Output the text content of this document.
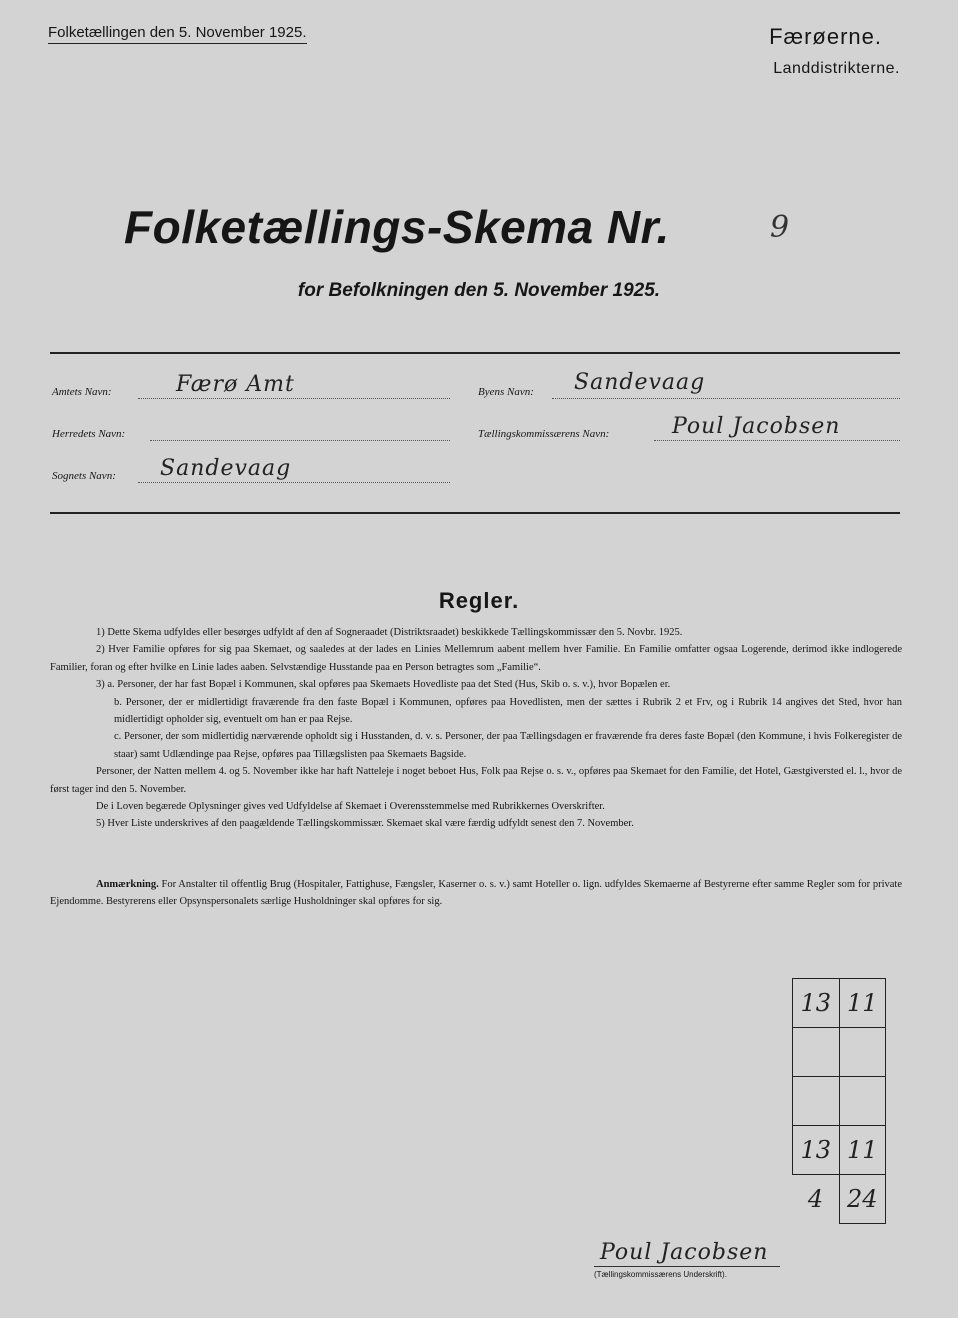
Folketællingen den 5. November 1925.	Færøerne.
Landdistrikterne.
Folketællings-Skema Nr.	9
for Befolkningen den 5. November 1925.
Amtets Navn:	Færø Amt
Herredets Navn:
Sognets Navn: Sandevaag
Byens Navn: Sandevaag
Tællingskommissærens Navn:	Poul Jacobsen
Regler.

1) Dette Skema udfyldes eller besørges udfyldt af den af Sogneraadet (Distriktsraadet) beskikkede Tællingskommissær den 5. Novbr. 1925.

2) Hver Familie opføres for sig paa Skemaet, og saaledes at der lades en Linies Mellemrum aabent mellem hver Familie. En Familie omfatter ogsaa Logerende, derimod ikke indlogerede Familier, foran og efter hvilke en Linie lades aaben. Selvstændige Husstande paa en Person betragtes som „Familie“.

3) a. Personer, der har fast Bopæl i Kommunen, skal opføres paa Skemaets Hovedliste paa det Sted (Hus, Skib o. s. v.), hvor Bopælen er.

b. Personer, der er midlertidigt fraværende fra den faste Bopæl i Kommunen, opføres paa Hovedlisten, men der sættes i Rubrik 2 et Frv, og i Rubrik 14 angives det Sted, hvor han midlertidigt opholder sig, eventuelt om han er paa Rejse.

c. Personer, der som midlertidig nærværende opholdt sig i Husstanden, d. v. s. Personer, der paa Tællingsdagen er fraværende fra deres faste Bopæl (den Kommune, i hvis Folkeregister de staar) samt Udlændinge paa Rejse, opføres paa Tillægslisten paa Skemaets Bagside.

Personer, der Natten mellem 4. og 5. November ikke har haft Natteleje i noget beboet Hus, Folk paa Rejse o. s. v., opføres paa Skemaet for den Familie, det Hotel, Gæstgiversted el. l., hvor de først tager ind den 5. November.

De i Loven begærede Oplysninger gives ved Udfyldelse af Skemaet i Overensstemmelse med Rubrikkernes Overskrifter.

5) Hver Liste underskrives af den paagældende Tællingskommissær. Skemaet skal være færdig udfyldt senest den 7. November.

Anmærkning. For Anstalter til offentlig Brug (Hospitaler, Fattighuse, Fængsler, Kaserner o. s. v.) samt Hoteller o. lign. udfyldes Skemaerne af Bestyrerne efter samme Regler som for private Ejendomme. Bestyrerens eller Opsynspersonalets særlige Husholdninger skal opføres for sig.
13	11

13	11
4	24
Poul Jacobsen
(Tællingskommissærens Underskrift).
